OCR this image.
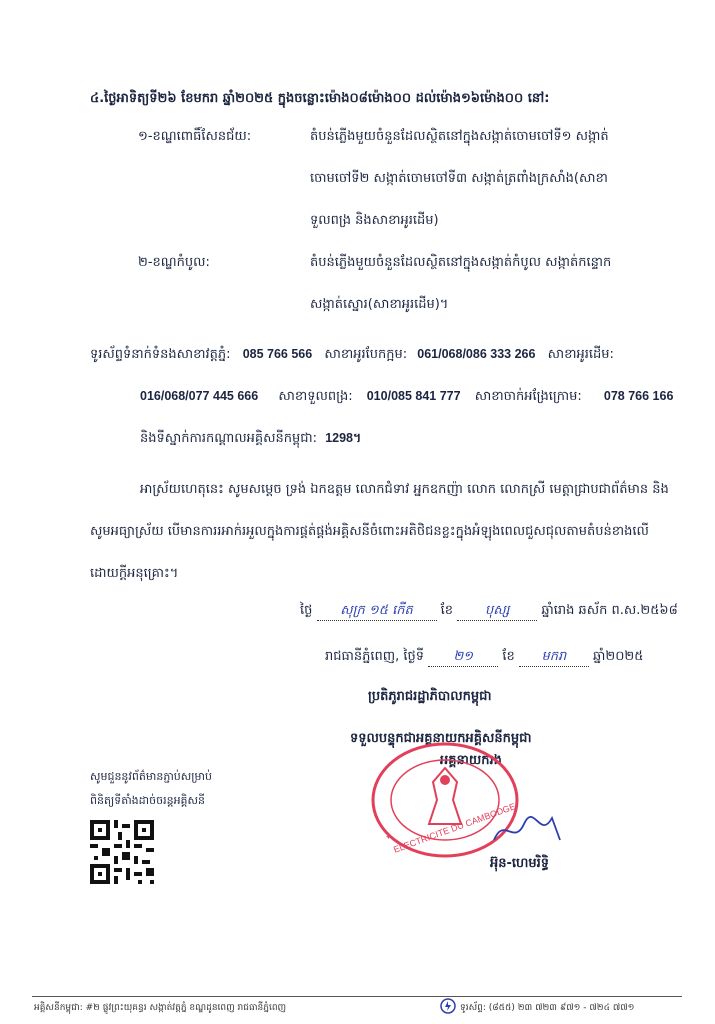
៤.ថ្ងៃអាទិត្យទី២៦ ខែមករា ឆ្នាំ២០២៥ ក្នុងចន្លោះម៉ោង០៨ម៉ោង០០ ដល់ម៉ោង១៦ម៉ោង០០ នៅ:
១-ខណ្ឌពោធិ៍សែនជ័យ:	តំបន់ភ្លើងមួយចំនួនដែលស្ថិតនៅក្នុងសង្កាត់ចោមចៅទី១ សង្កាត់
ចោមចៅទី២ សង្កាត់ចោមចៅទី៣ សង្កាត់ត្រពាំងក្រសាំង(សាខា
ទួលពង្រ និងសាខាអូរដើម)
២-ខណ្ឌកំបូល:	តំបន់ភ្លើងមួយចំនួនដែលស្ថិតនៅក្នុងសង្កាត់កំបូល សង្កាត់កន្ទោក
សង្កាត់ស្នោរ(សាខាអូរដើម)។
ទូរស័ព្ទទំនាក់ទំនងសាខាវត្តភ្នំ: 085 766 566 សាខាអូរបែកក្អម: 061/068/086 333 266 សាខាអូរដើម:
016/068/077 445 666 សាខាទួលពង្រ: 010/085 841 777 សាខាចាក់អង្រែក្រោម: 078 766 166
និងទីស្នាក់ការកណ្តាលអគ្គិសនីកម្ពុជា: 1298។
អាស្រ័យហេតុនេះ សូមសម្តេច ទ្រង់ ឯកឧត្តម លោកជំទាវ អ្នកឧកញ៉ា លោក លោកស្រី មេត្តាជ្រាបជាព័ត៌មាន និង
សូមអធ្យាស្រ័យ បើមានការរអាក់រអួលក្នុងការផ្គត់ផ្គង់អគ្គិសនីចំពោះអតិថិជនខ្លះក្នុងអំឡុងពេលជួសជុលតាមតំបន់ខាងលើ
ដោយក្តីអនុគ្រោះ។
ថ្ងៃ សុក្រ ១៥ កើត ខែ បុស្ស ឆ្នាំរោង ឆស័ក ព.ស.២៥៦៨
រាជធានីភ្នំពេញ, ថ្ងៃទី ២១ ខែ មករា ឆ្នាំ២០២៥
ប្រតិភូរាជរដ្ឋាភិបាលកម្ពុជា
ទទួលបន្ទុកជាអគ្គនាយកអគ្គិសនីកម្ពុជា
អគ្គនាយករង
★
ELECTRICITE DU CAMBODGE
អ៊ុន-ហេមរិទ្ធិ
សូមជួននូវព័ត៌មានភ្ជាប់សម្រាប់
ពិនិត្យទីតាំងដាច់ចរន្តអគ្គិសនី
អគ្គិសនីកម្ពុជា: #២ ផ្លូវព្រះយុគន្ធរ សង្កាត់វត្តភ្នំ ខណ្ឌដូនពេញ រាជធានីភ្នំពេញ	ទូរស័ព្ទ: (៨៥៥) ២៣ ៧២៣ ៩៧១ - ៧២៤ ៧៧១
